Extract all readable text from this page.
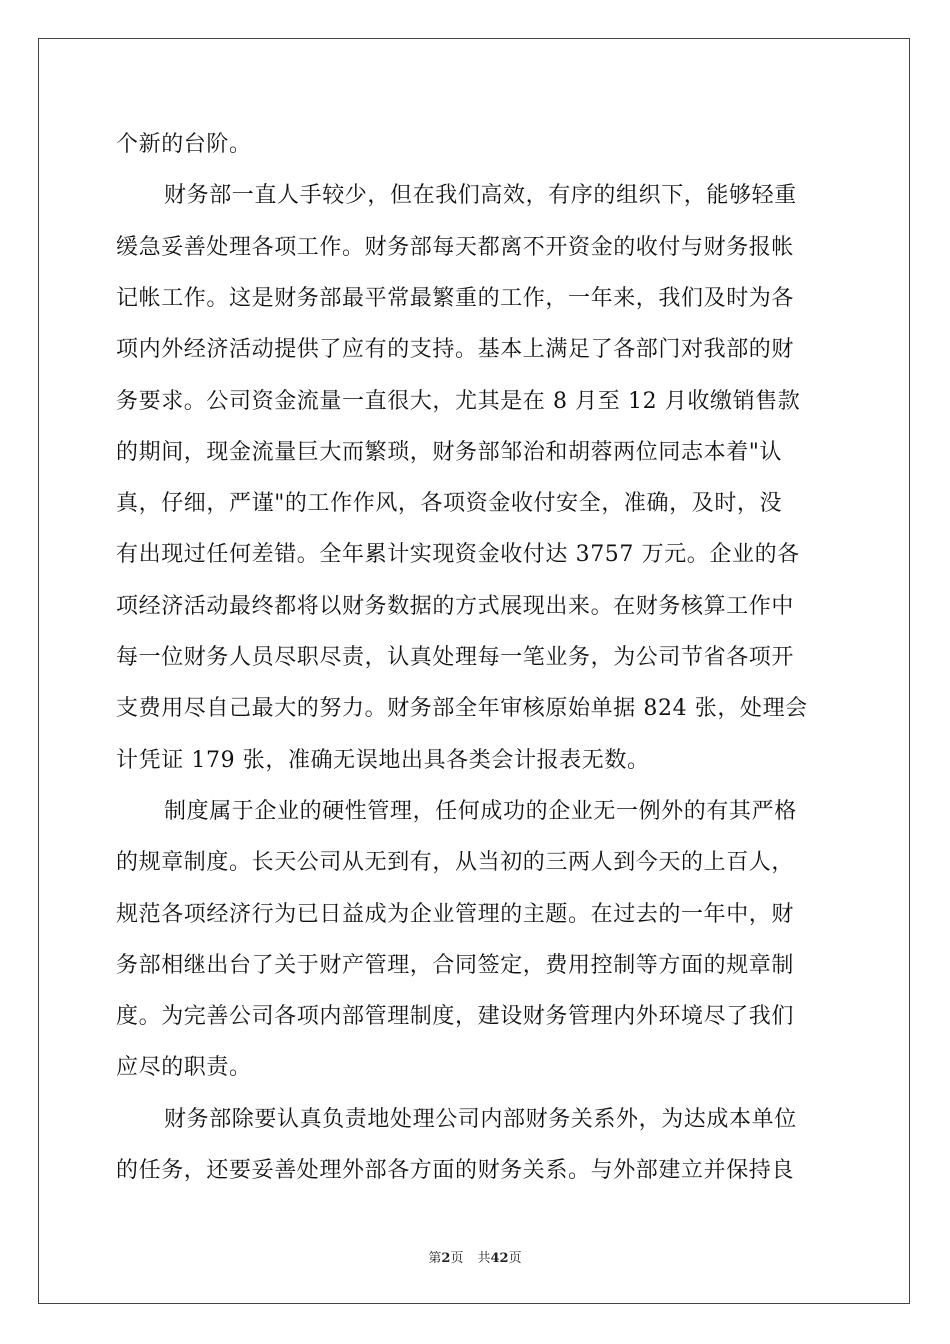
个新的台阶。
财务部一直人手较少，但在我们高效，有序的组织下，能够轻重
缓急妥善处理各项工作。财务部每天都离不开资金的收付与财务报帐
记帐工作。这是财务部最平常最繁重的工作，一年来，我们及时为各
项内外经济活动提供了应有的支持。基本上满足了各部门对我部的财
务要求。公司资金流量一直很大，尤其是在 8 月至 12 月收缴销售款
的期间，现金流量巨大而繁琐，财务部邹治和胡蓉两位同志本着"认
真，仔细，严谨"的工作作风，各项资金收付安全，准确，及时，没
有出现过任何差错。全年累计实现资金收付达 3757 万元。企业的各
项经济活动最终都将以财务数据的方式展现出来。在财务核算工作中
每一位财务人员尽职尽责，认真处理每一笔业务，为公司节省各项开
支费用尽自己最大的努力。财务部全年审核原始单据 824 张，处理会
计凭证 179 张，准确无误地出具各类会计报表无数。
制度属于企业的硬性管理，任何成功的企业无一例外的有其严格
的规章制度。长天公司从无到有，从当初的三两人到今天的上百人，
规范各项经济行为已日益成为企业管理的主题。在过去的一年中，财
务部相继出台了关于财产管理，合同签定，费用控制等方面的规章制
度。为完善公司各项内部管理制度，建设财务管理内外环境尽了我们
应尽的职责。
财务部除要认真负责地处理公司内部财务关系外，为达成本单位
的任务，还要妥善处理外部各方面的财务关系。与外部建立并保持良
第2页 共42页
